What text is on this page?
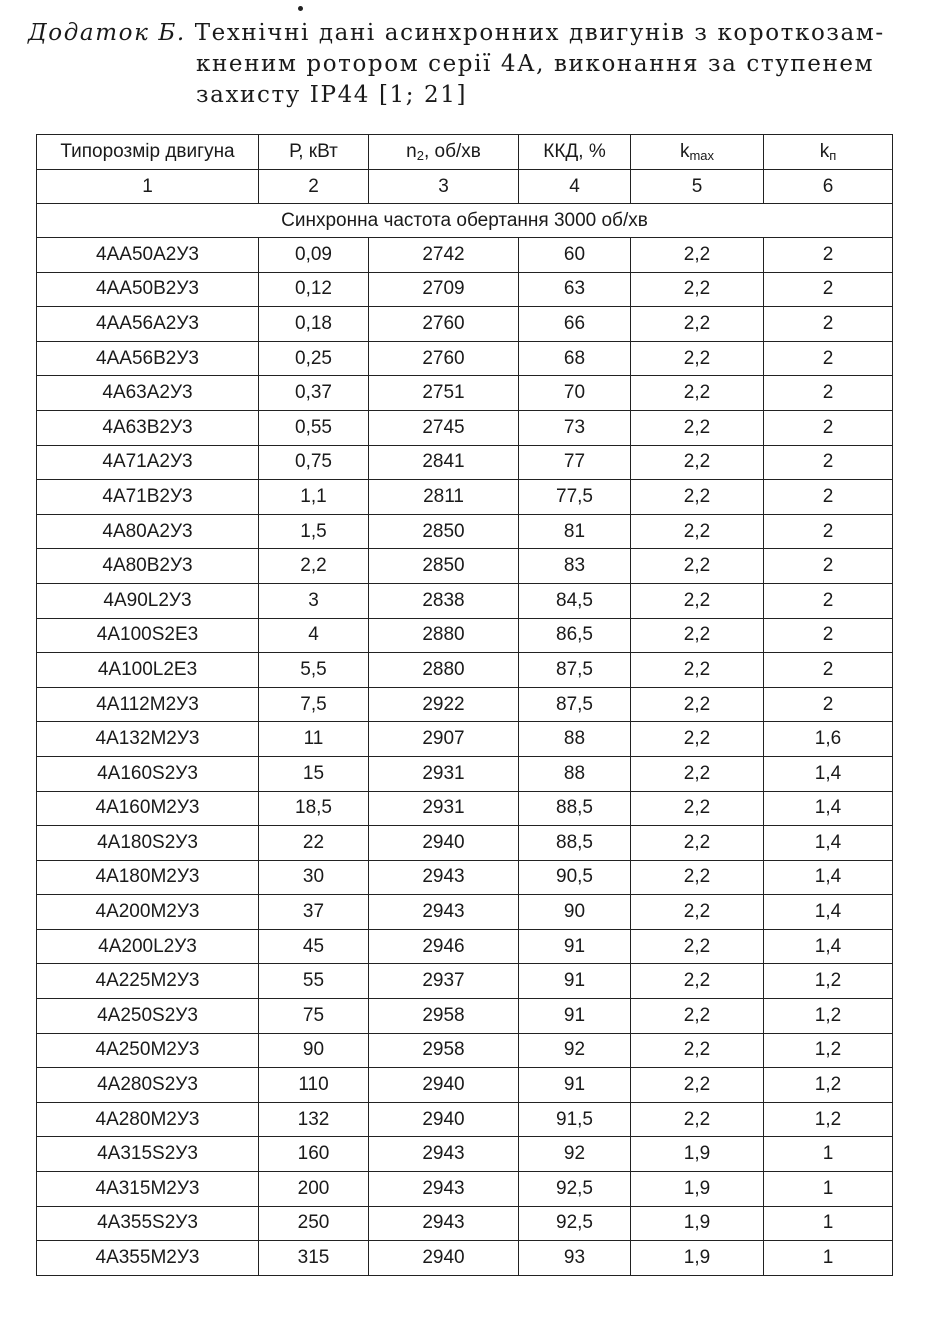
Додаток Б. Технічні дані асинхронних двигунів з короткозам-
кненим ротором серії 4А, виконання за ступенем
захисту IP44 [1; 21]
Типорозмір двигуна	Р, кВт	$n_2$, об/хв	ККД, %	$k_{max}$	$k_п$
1	2	3	4	5	6
Синхронна частота обертання 3000 об/хв					
4АА50А2У3	0,09	2742	60	2,2	2
4АА50В2У3	0,12	2709	63	2,2	2
4АА56А2У3	0,18	2760	66	2,2	2
4АА56В2У3	0,25	2760	68	2,2	2
4А63А2У3	0,37	2751	70	2,2	2
4А63В2У3	0,55	2745	73	2,2	2
4А71А2У3	0,75	2841	77	2,2	2
4А71В2У3	1,1	2811	77,5	2,2	2
4А80А2У3	1,5	2850	81	2,2	2
4А80В2У3	2,2	2850	83	2,2	2
4А90L2У3	3	2838	84,5	2,2	2
4А100S2Е3	4	2880	86,5	2,2	2
4А100L2Е3	5,5	2880	87,5	2,2	2
4А112М2У3	7,5	2922	87,5	2,2	2
4А132М2У3	11	2907	88	2,2	1,6
4А160S2У3	15	2931	88	2,2	1,4
4А160М2У3	18,5	2931	88,5	2,2	1,4
4А180S2У3	22	2940	88,5	2,2	1,4
4А180М2У3	30	2943	90,5	2,2	1,4
4А200М2У3	37	2943	90	2,2	1,4
4А200L2У3	45	2946	91	2,2	1,4
4А225М2У3	55	2937	91	2,2	1,2
4А250S2У3	75	2958	91	2,2	1,2
4А250М2У3	90	2958	92	2,2	1,2
4А280S2У3	110	2940	91	2,2	1,2
4А280М2У3	132	2940	91,5	2,2	1,2
4А315S2У3	160	2943	92	1,9	1
4А315М2У3	200	2943	92,5	1,9	1
4А355S2У3	250	2943	92,5	1,9	1
4А355М2У3	315	2940	93	1,9	1
